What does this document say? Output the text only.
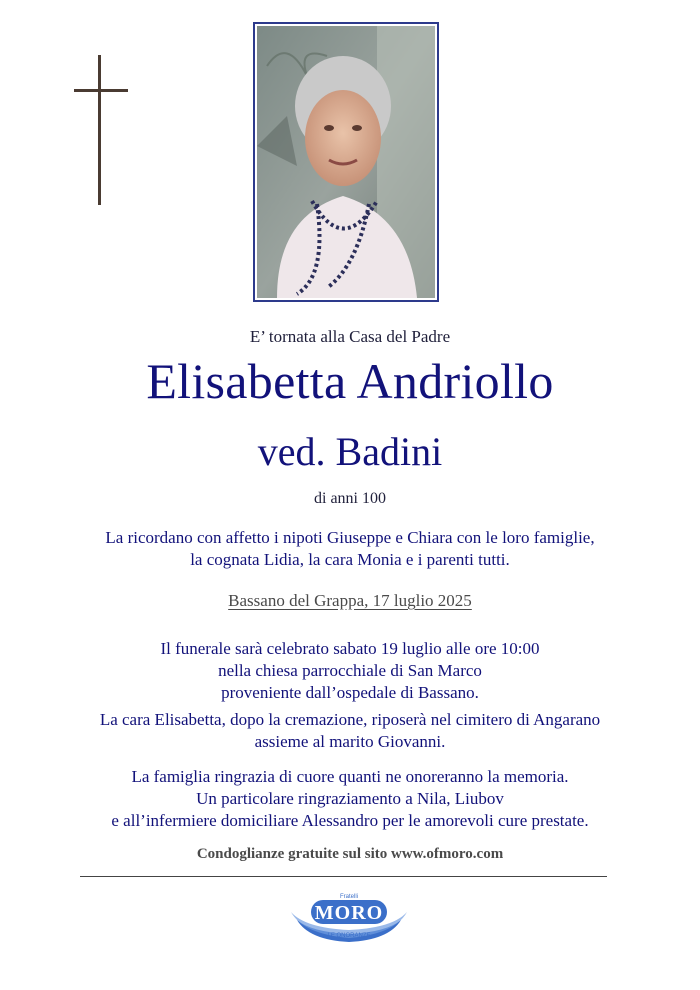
E’ tornata alla Casa del Padre
Elisabetta Andriollo
ved. Badini
di anni 100
La ricordano con affetto i nipoti Giuseppe e Chiara con le loro famiglie,
la cognata Lidia, la cara Monia e i parenti tutti.
Bassano del Grappa, 17 luglio 2025
Il funerale sarà celebrato sabato 19 luglio alle ore 10:00
nella chiesa parrocchiale di San Marco
proveniente dall’ospedale di Bassano.
La cara Elisabetta, dopo la cremazione, riposerà nel cimitero di Angarano
assieme al marito Giovanni.
La famiglia ringrazia di cuore quanti ne onoreranno la memoria.
Un particolare ringraziamento a Nila, Liubov
e all’infermiere domiciliare Alessandro per le amorevoli cure prestate.
Condoglianze gratuite sul sito www.ofmoro.com
Fratelli
MORO
LE ONORANZE
